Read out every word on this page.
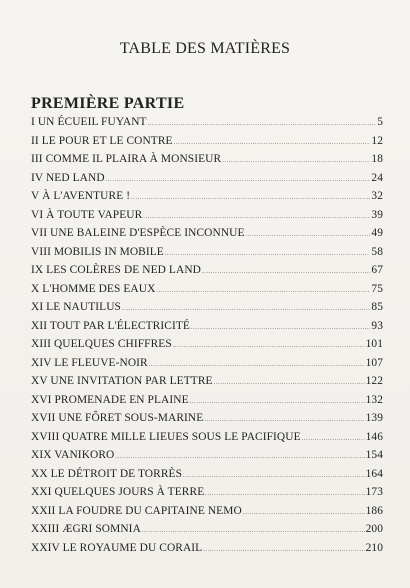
TABLE DES MATIÈRES
PREMIÈRE PARTIE
I UN ÉCUEIL FUYANT . . .	5
II LE POUR ET LE CONTRE . . .	12
III COMME IL PLAIRA À MONSIEUR . . .	18
IV NED LAND . . .	24
V À L'AVENTURE ! . . .	32
VI À TOUTE VAPEUR . . .	39
VII UNE BALEINE D'ESPÈCE INCONNUE . . .	49
VIII MOBILIS IN MOBILE . . .	58
IX LES COLÈRES DE NED LAND . . .	67
X L'HOMME DES EAUX . . .	75
XI LE NAUTILUS . . .	85
XII TOUT PAR L'ÉLECTRICITÉ . . .	93
XIII QUELQUES CHIFFRES . . .	101
XIV LE FLEUVE-NOIR . . .	107
XV UNE INVITATION PAR LETTRE . . .	122
XVI PROMENADE EN PLAINE . . .	132
XVII UNE FÔRET SOUS-MARINE . . .	139
XVIII QUATRE MILLE LIEUES SOUS LE PACIFIQUE . . .	146
XIX VANIKORO . . .	154
XX LE DÉTROIT DE TORRÈS . . .	164
XXI QUELQUES JOURS À TERRE . . .	173
XXII LA FOUDRE DU CAPITAINE NEMO . . .	186
XXIII ÆGRI SOMNIA . . .	200
XXIV LE ROYAUME DU CORAIL . . .	210
